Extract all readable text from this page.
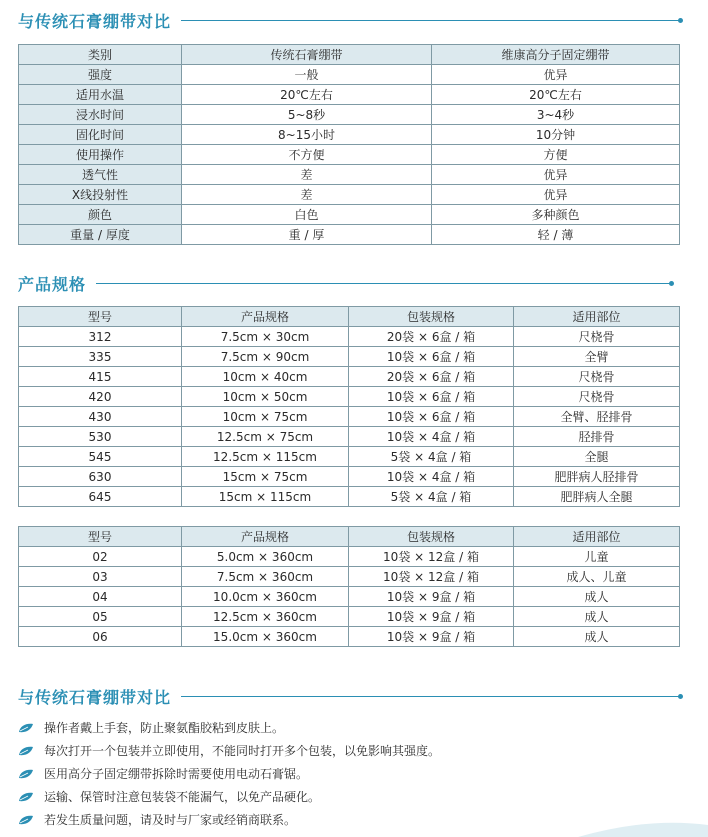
与传统石膏绷带对比
类别	传统石膏绷带	维康高分子固定绷带
强度	一般	优异
适用水温	20℃左右	20℃左右
浸水时间	5~8秒	3~4秒
固化时间	8~15小时	10分钟
使用操作	不方便	方便
透气性	差	优异
X线投射性	差	优异
颜色	白色	多种颜色
重量 / 厚度	重 / 厚	轻 / 薄
产品规格
型号	产品规格	包装规格	适用部位
312	7.5cm × 30cm	20袋 × 6盒 / 箱	尺桡骨
335	7.5cm × 90cm	10袋 × 6盒 / 箱	全臂
415	10cm × 40cm	20袋 × 6盒 / 箱	尺桡骨
420	10cm × 50cm	10袋 × 6盒 / 箱	尺桡骨
430	10cm × 75cm	10袋 × 6盒 / 箱	全臂、胫排骨
530	12.5cm × 75cm	10袋 × 4盒 / 箱	胫排骨
545	12.5cm × 115cm	5袋 × 4盒 / 箱	全腿
630	15cm × 75cm	10袋 × 4盒 / 箱	肥胖病人胫排骨
645	15cm × 115cm	5袋 × 4盒 / 箱	肥胖病人全腿
型号	产品规格	包装规格	适用部位
02	5.0cm × 360cm	10袋 × 12盒 / 箱	儿童
03	7.5cm × 360cm	10袋 × 12盒 / 箱	成人、儿童
04	10.0cm × 360cm	10袋 × 9盒 / 箱	成人
05	12.5cm × 360cm	10袋 × 9盒 / 箱	成人
06	15.0cm × 360cm	10袋 × 9盒 / 箱	成人
与传统石膏绷带对比
操作者戴上手套，防止聚氨酯胶粘到皮肤上。
每次打开一个包装并立即使用，不能同时打开多个包装，以免影响其强度。
医用高分子固定绷带拆除时需要使用电动石膏锯。
运输、保管时注意包装袋不能漏气，以免产品硬化。
若发生质量问题，请及时与厂家或经销商联系。
